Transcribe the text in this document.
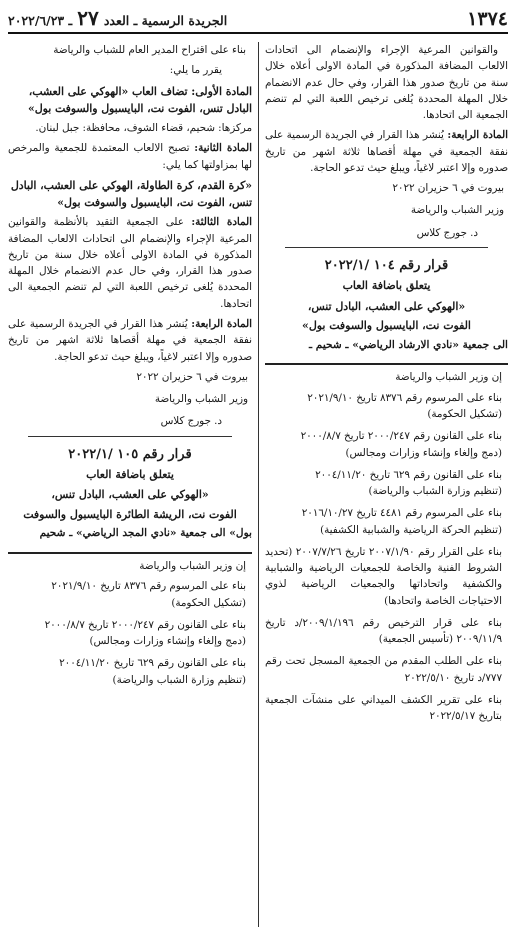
١٣٧٤
الجريدة الرسمية ـ العدد ٢٧ ـ ٢٠٢٢/٦/٢٣

والقوانين المرعية الإجراء والإنضمام الى اتحادات الالعاب المضافة المذكورة في المادة الاولى أعلاه خلال سنة من تاريخ صدور هذا القرار، وفي حال عدم الانضمام خلال المهلة المحددة يُلغى ترخيص اللعبة التي لم تنضم الجمعية الى اتحادها.

المادة الرابعة: يُنشر هذا القرار في الجريدة الرسمية على نفقة الجمعية في مهلة أقصاها ثلاثة اشهر من تاريخ صدوره وإلا اعتبر لاغياً، ويبلغ حيث تدعو الحاجة.

بيروت في ٦ حزيران ٢٠٢٢

وزير الشباب والرياضة

د. جورج كلاس

قرار رقم ١٠٤ /٢٠٢٢/١
يتعلق باضافة العاب
«الهوكي على العشب، البادل تنس،
الفوت نت، البايسبول والسوفت بول»
الى جمعية «نادي الارشاد الرياضي» ـ شحيم ـ

إن وزير الشباب والرياضة

بناء على المرسوم رقم ٨٣٧٦ تاريخ ٢٠٢١/٩/١٠
(تشكيل الحكومة)
بناء على القانون رقم ٢٠٠٠/٢٤٧ تاريخ ٢٠٠٠/٨/٧
(دمج وإلغاء وإنشاء وزارات ومجالس)
بناء على القانون رقم ٦٢٩ تاريخ ٢٠٠٤/١١/٢٠
(تنظيم وزارة الشباب والرياضة)
بناء على المرسوم رقم ٤٤٨١ تاريخ ٢٠١٦/١٠/٢٧
(تنظيم الحركة الرياضية والشبابية الكشفية)
بناء على القرار رقم ٢٠٠٧/١/٩٠ تاريخ ٢٠٠٧/٧/٢٦ (تحديد الشروط الفنية والخاصة للجمعيات الرياضية والشبابية والكشفية واتحاداتها والجمعيات الرياضية لذوي الاحتياجات الخاصة واتحادها)
بناء على قرار الترخيص رقم ٢٠٠٩/١/١٩٦/د تاريخ ٢٠٠٩/١١/٩ (تأسيس الجمعية)
بناء على الطلب المقدم من الجمعية المسجل تحت رقم ٧٧٧/د تاريخ ٢٠٢٢/٥/١٠
بناء على تقرير الكشف الميداني على منشآت الجمعية بتاريخ ٢٠٢٢/٥/١٧

بناء على اقتراح المدير العام للشباب والرياضة

يقرر ما يلي:

المادة الأولى: تضاف العاب «الهوكي على العشب، البادل تنس، الفوت نت، البايسبول والسوفت بول»

مركزها: شحيم، قضاء الشوف، محافظة: جبل لبنان.

المادة الثانية: تصبح الالعاب المعتمدة للجمعية والمرخص لها بمزاولتها كما يلي:

«كرة القدم، كرة الطاولة، الهوكي على العشب، البادل تنس، الفوت نت، البايسبول والسوفت بول»

المادة الثالثة: على الجمعية التقيد بالأنظمة والقوانين المرعية الإجراء والإنضمام الى اتحادات الالعاب المضافة المذكورة في المادة الاولى أعلاه خلال سنة من تاريخ صدور هذا القرار، وفي حال عدم الانضمام خلال المهلة المحددة يُلغى ترخيص اللعبة التي لم تنضم الجمعية الى اتحادها.

المادة الرابعة: يُنشر هذا القرار في الجريدة الرسمية على نفقة الجمعية في مهلة أقصاها ثلاثة اشهر من تاريخ صدوره وإلا اعتبر لاغياً، ويبلغ حيث تدعو الحاجة.

بيروت في ٦ حزيران ٢٠٢٢

وزير الشباب والرياضة

د. جورج كلاس

قرار رقم ١٠٥ /٢٠٢٢/١
يتعلق باضافة العاب
«الهوكي على العشب، البادل تنس،
الفوت نت، الريشة الطائرة البايسبول والسوفت
بول» الى جمعية «نادي المجد الرياضي» ـ شحيم

إن وزير الشباب والرياضة

بناء على المرسوم رقم ٨٣٧٦ تاريخ ٢٠٢١/٩/١٠
(تشكيل الحكومة)
بناء على القانون رقم ٢٠٠٠/٢٤٧ تاريخ ٢٠٠٠/٨/٧
(دمج وإلغاء وإنشاء وزارات ومجالس)
بناء على القانون رقم ٦٢٩ تاريخ ٢٠٠٤/١١/٢٠
(تنظيم وزارة الشباب والرياضة)
